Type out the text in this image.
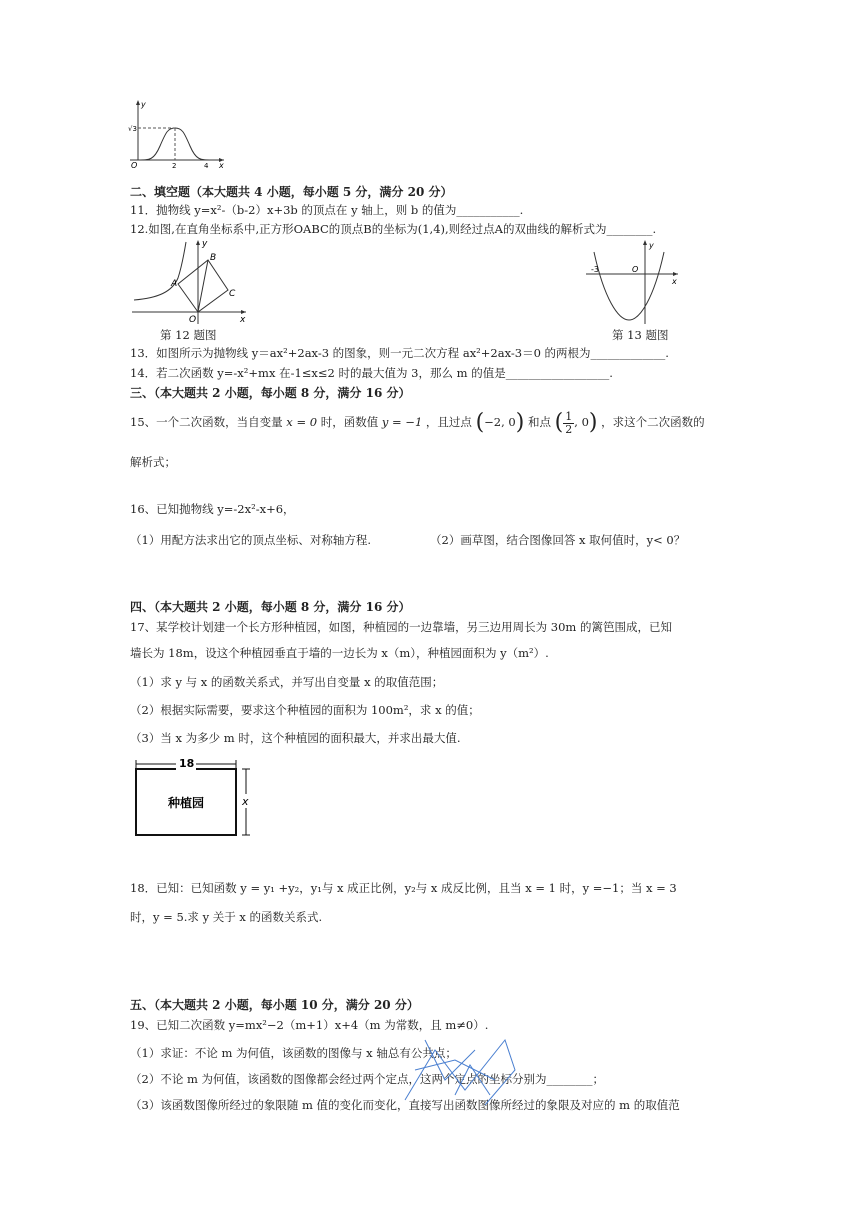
y
x
O
√3
2	4
二、填空题（本大题共 4 小题，每小题 5 分，满分 20 分）
11．抛物线 y=x²-（b-2）x+3b 的顶点在 y 轴上，则 b 的值为___________.
12.如图,在直角坐标系中,正方形OABC的顶点B的坐标为(1,4),则经过点A的双曲线的解析式为________.
y
x
A
B
C
O
第 12 题图
y
x
-3	O
第 13 题图
13．如图所示为抛物线 y＝ax²+2ax-3 的图象，则一元二次方程 ax²+2ax-3＝0 的两根为_____________.
14．若二次函数 y=-x²+mx 在-1≤x≤2 时的最大值为 3，那么 m 的值是__________________.
三、（本大题共 2 小题，每小题 8 分，满分 16 分）
15、一个二次函数，当自变量 x = 0 时，函数值 y = −1 ，且过点 (−2, 0) 和点 ( $\frac{1}{2}$ , 0) ，求这个二次函数的
解析式；
16、已知抛物线 y=-2x²-x+6，
（1）用配方法求出它的顶点坐标、对称轴方程.	（2）画草图，结合图像回答 x 取何值时，y< 0？
四、（本大题共 2 小题，每小题 8 分，满分 16 分）
17、某学校计划建一个长方形种植园，如图，种植园的一边靠墙，另三边用周长为 30m 的篱笆围成，已知
墙长为 18m，设这个种植园垂直于墙的一边长为 x（m），种植园面积为 y（m²）.
（1）求 y 与 x 的函数关系式，并写出自变量 x 的取值范围；
（2）根据实际需要，要求这个种植园的面积为 100m²，求 x 的值；
（3）当 x 为多少 m 时，这个种植园的面积最大，并求出最大值.
18
x
种植园
18．已知：已知函数 y = y₁ +y₂，y₁与 x 成正比例，y₂与 x 成反比例，且当 x = 1 时，y =−1；当 x = 3
时，y = 5.求 y 关于 x 的函数关系式.
五、（本大题共 2 小题，每小题 10 分，满分 20 分）
19、已知二次函数 y=mx²−2（m+1）x+4（m 为常数，且 m≠0）.
（1）求证：不论 m 为何值，该函数的图像与 x 轴总有公共点；
（2）不论 m 为何值，该函数的图像都会经过两个定点，这两个定点的坐标分别为________；
（3）该函数图像所经过的象限随 m 值的变化而变化，直接写出函数图像所经过的象限及对应的 m 的取值范
